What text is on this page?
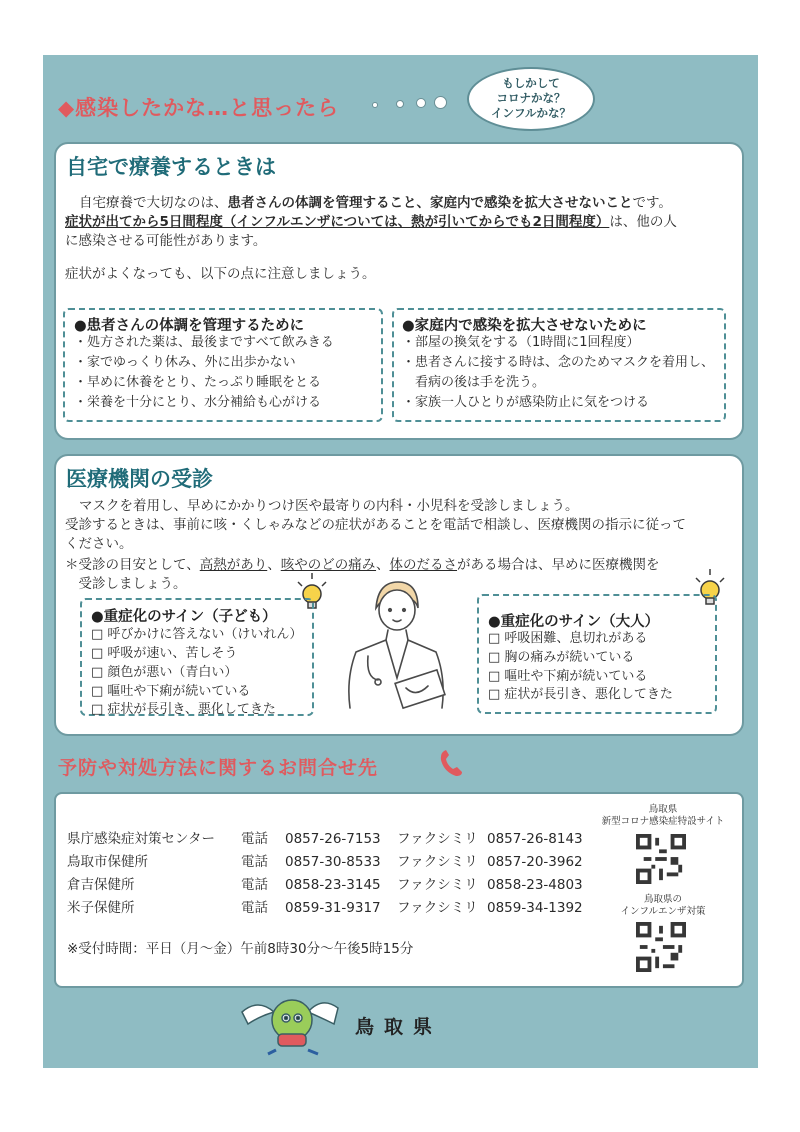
◆感染したかな…と思ったら
もしかして
コロナかな？
インフルかな？
自宅で療養するときは
自宅療養で大切なのは、患者さんの体調を管理すること、家庭内で感染を拡大させないことです。
症状が出てから5日間程度（インフルエンザについては、熱が引いてからでも2日間程度）は、他の人
に感染させる可能性があります。
症状がよくなっても、以下の点に注意しましょう。
●患者さんの体調を管理するために
・処方された薬は、最後まですべて飲みきる
・家でゆっくり休み、外に出歩かない
・早めに休養をとり、たっぷり睡眠をとる
・栄養を十分にとり、水分補給も心がける
●家庭内で感染を拡大させないために
・部屋の換気をする（1時間に1回程度）
・患者さんに接する時は、念のためマスクを着用し、
　看病の後は手を洗う。
・家族一人ひとりが感染防止に気をつける
医療機関の受診
マスクを着用し、早めにかかりつけ医や最寄りの内科・小児科を受診しましょう。
受診するときは、事前に咳・くしゃみなどの症状があることを電話で相談し、医療機関の指示に従って
ください。
＊受診の目安として、高熱があり、咳やのどの痛み、体のだるさがある場合は、早めに医療機関を
　受診しましょう。
●重症化のサイン（子ども）
□ 呼びかけに答えない（けいれん）
□ 呼吸が速い、苦しそう
□ 顔色が悪い（青白い）
□ 嘔吐や下痢が続いている
□ 症状が長引き、悪化してきた
●重症化のサイン（大人）
□ 呼吸困難、息切れがある
□ 胸の痛みが続いている
□ 嘔吐や下痢が続いている
□ 症状が長引き、悪化してきた
予防や対処方法に関するお問合せ先
県庁感染症対策センター 電話 0857-26-7153 ファクシミリ 0857-26-8143
鳥取市保健所	電話 0857-30-8533 ファクシミリ 0857-20-3962
倉吉保健所	電話 0858-23-3145 ファクシミリ 0858-23-4803
米子保健所	電話 0859-31-9317 ファクシミリ 0859-34-1392
※受付時間：平日（月～金）午前8時30分～午後5時15分
鳥取県
新型コロナ感染症特設サイト
鳥取県の
インフルエンザ対策
鳥取県
